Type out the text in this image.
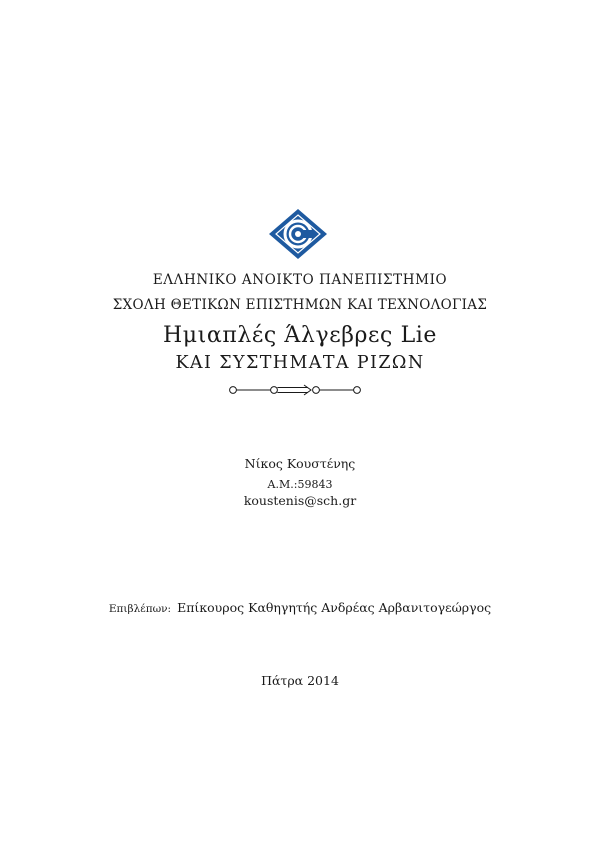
ΕΛΛΗΝΙΚΟ ΑΝΟΙΚΤΟ ΠΑΝΕΠΙΣΤΗΜΙΟ
ΣΧΟΛΗ ΘΕΤΙΚΩΝ ΕΠΙΣΤΗΜΩΝ ΚΑΙ ΤΕΧΝΟΛΟΓΙΑΣ
Ημιαπλές Άλγεβρες Lie
ΚΑΙ ΣΥΣΤΗΜΑΤΑ ΡΙΖΩΝ
Νίκος Κουστένης
Α.Μ.:59843
koustenis@sch.gr
Επιβλέπων: Επίκουρος Καθηγητής Ανδρέας Αρβανιτογεώργος
Πάτρα 2014
